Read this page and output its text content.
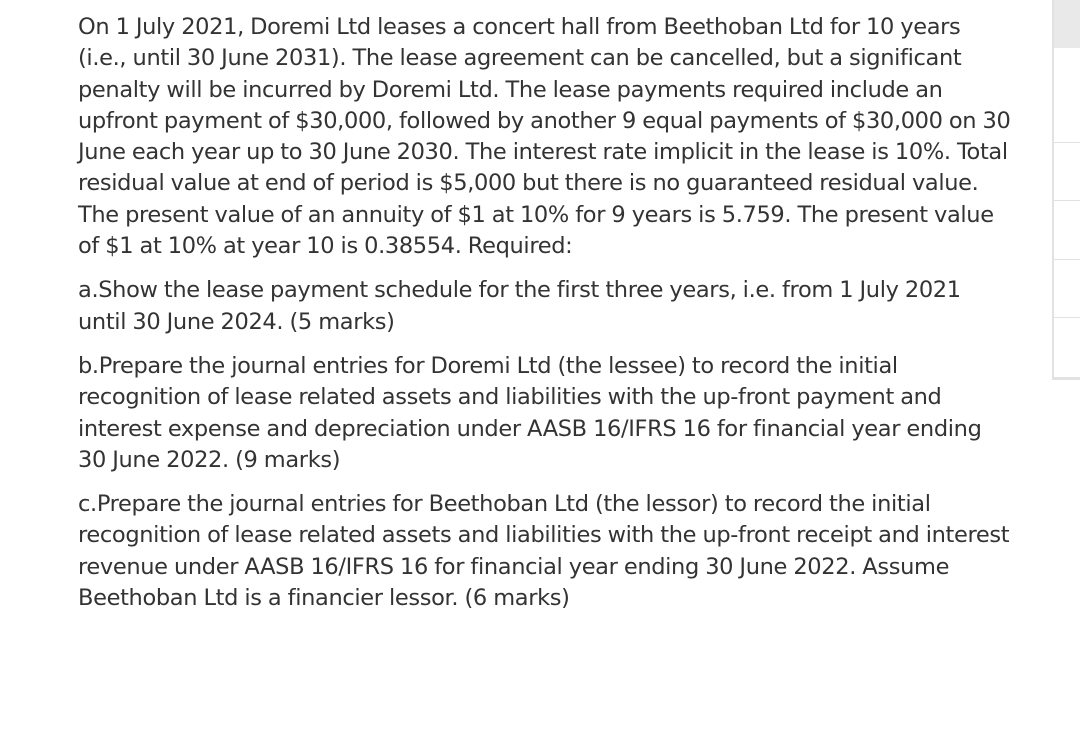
On 1 July 2021, Doremi Ltd leases a concert hall from Beethoban Ltd for 10 years (i.e., until 30 June 2031). The lease agreement can be cancelled, but a significant penalty will be incurred by Doremi Ltd. The lease payments required include an upfront payment of $30,000, followed by another 9 equal payments of $30,000 on 30 June each year up to 30 June 2030. The interest rate implicit in the lease is 10%. Total residual value at end of period is $5,000 but there is no guaranteed residual value. The present value of an annuity of $1 at 10% for 9 years is 5.759. The present value of $1 at 10% at year 10 is 0.38554. Required:

a.Show the lease payment schedule for the first three years, i.e. from 1 July 2021 until 30 June 2024. (5 marks)

b.Prepare the journal entries for Doremi Ltd (the lessee) to record the initial recognition of lease related assets and liabilities with the up-front payment and interest expense and depreciation under AASB 16/IFRS 16 for financial year ending 30 June 2022. (9 marks)

c.Prepare the journal entries for Beethoban Ltd (the lessor) to record the initial recognition of lease related assets and liabilities with the up-front receipt and interest revenue under AASB 16/IFRS 16 for financial year ending 30 June 2022. Assume Beethoban Ltd is a financier lessor. (6 marks)
